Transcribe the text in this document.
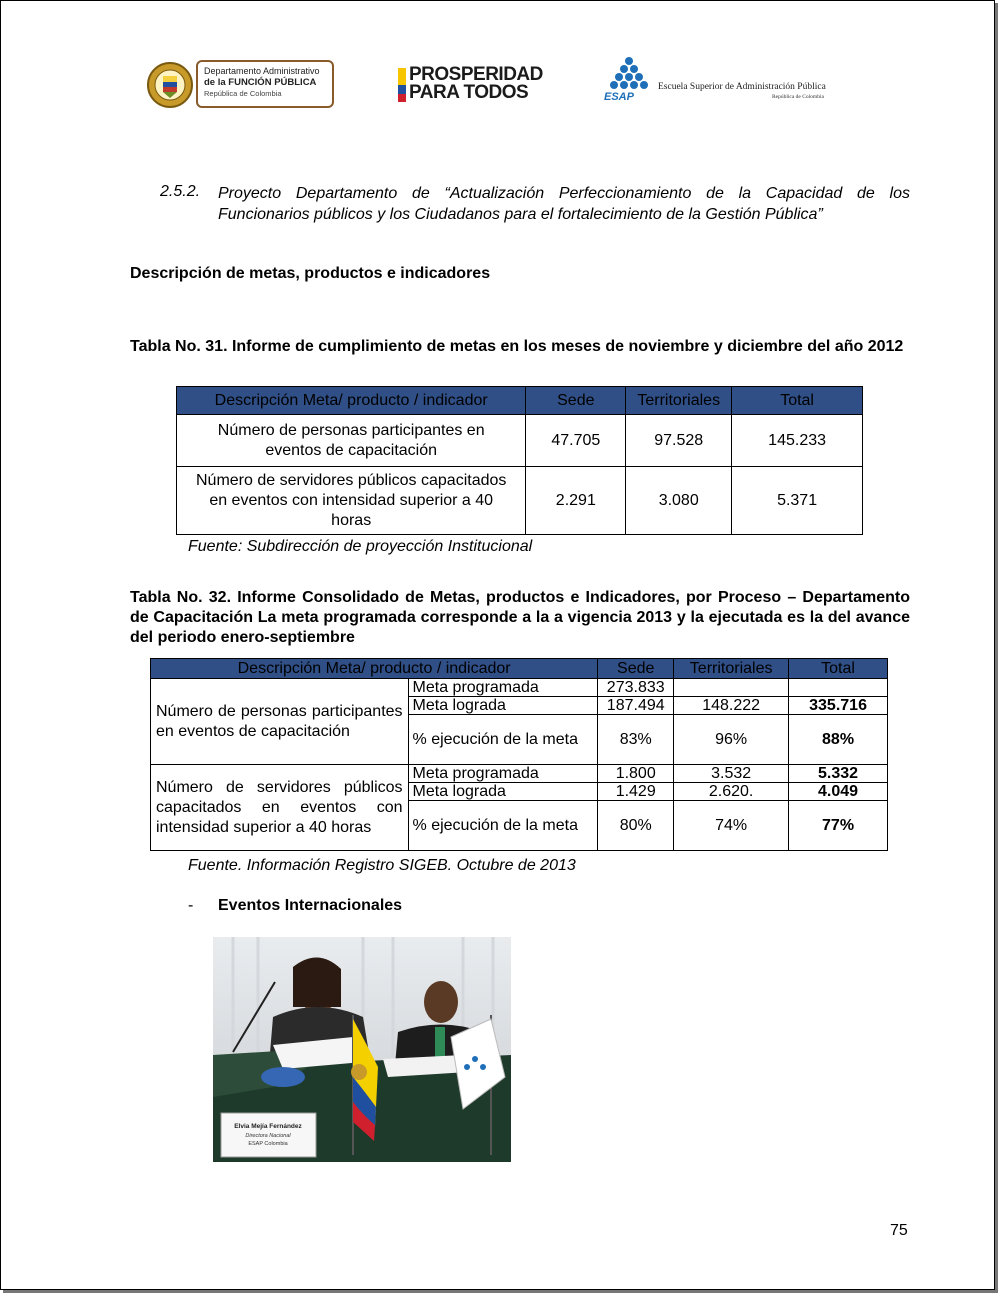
Departamento Administrativo
de la FUNCIÓN PÚBLICA
República de Colombia
PROSPERIDAD
PARA TODOS	ESAP
Escuela Superior de Administración Pública
República de Colombia
2.5.2. Proyecto Departamento de “Actualización Perfeccionamiento de la Capacidad de los Funcionarios públicos y los Ciudadanos para el fortalecimiento de la Gestión Pública”
Descripción de metas, productos e indicadores
Tabla No. 31. Informe de cumplimiento de metas en los meses de noviembre y diciembre del año 2012
Descripción Meta/ producto / indicador	Sede	Territoriales	Total
Número de personas participantes en eventos de capacitación	47.705	97.528	145.233
Número de servidores públicos capacitados en eventos con intensidad superior a 40 horas	2.291	3.080	5.371
Fuente: Subdirección de proyección Institucional
Tabla No. 32. Informe Consolidado de Metas, productos e Indicadores, por Proceso – Departamento de Capacitación La meta programada corresponde a la a vigencia 2013 y la ejecutada es la del avance del periodo enero-septiembre
Descripción Meta/ producto / indicador		Sede	Territoriales	Total
Número de personas participantes en eventos de capacitación	Meta programada	273.833		
	Meta lograda	187.494	148.222	335.716
	% ejecución de la meta	83%	96%	88%
Número de servidores públicos capacitados en eventos con intensidad superior a 40 horas	Meta programada	1.800	3.532	5.332
	Meta lograda	1.429	2.620.	4.049
	% ejecución de la meta	80%	74%	77%
Fuente. Información Registro SIGEB. Octubre de 2013
- Eventos Internacionales
Elvia Mejía Fernández
Directora Nacional
ESAP Colombia
75
